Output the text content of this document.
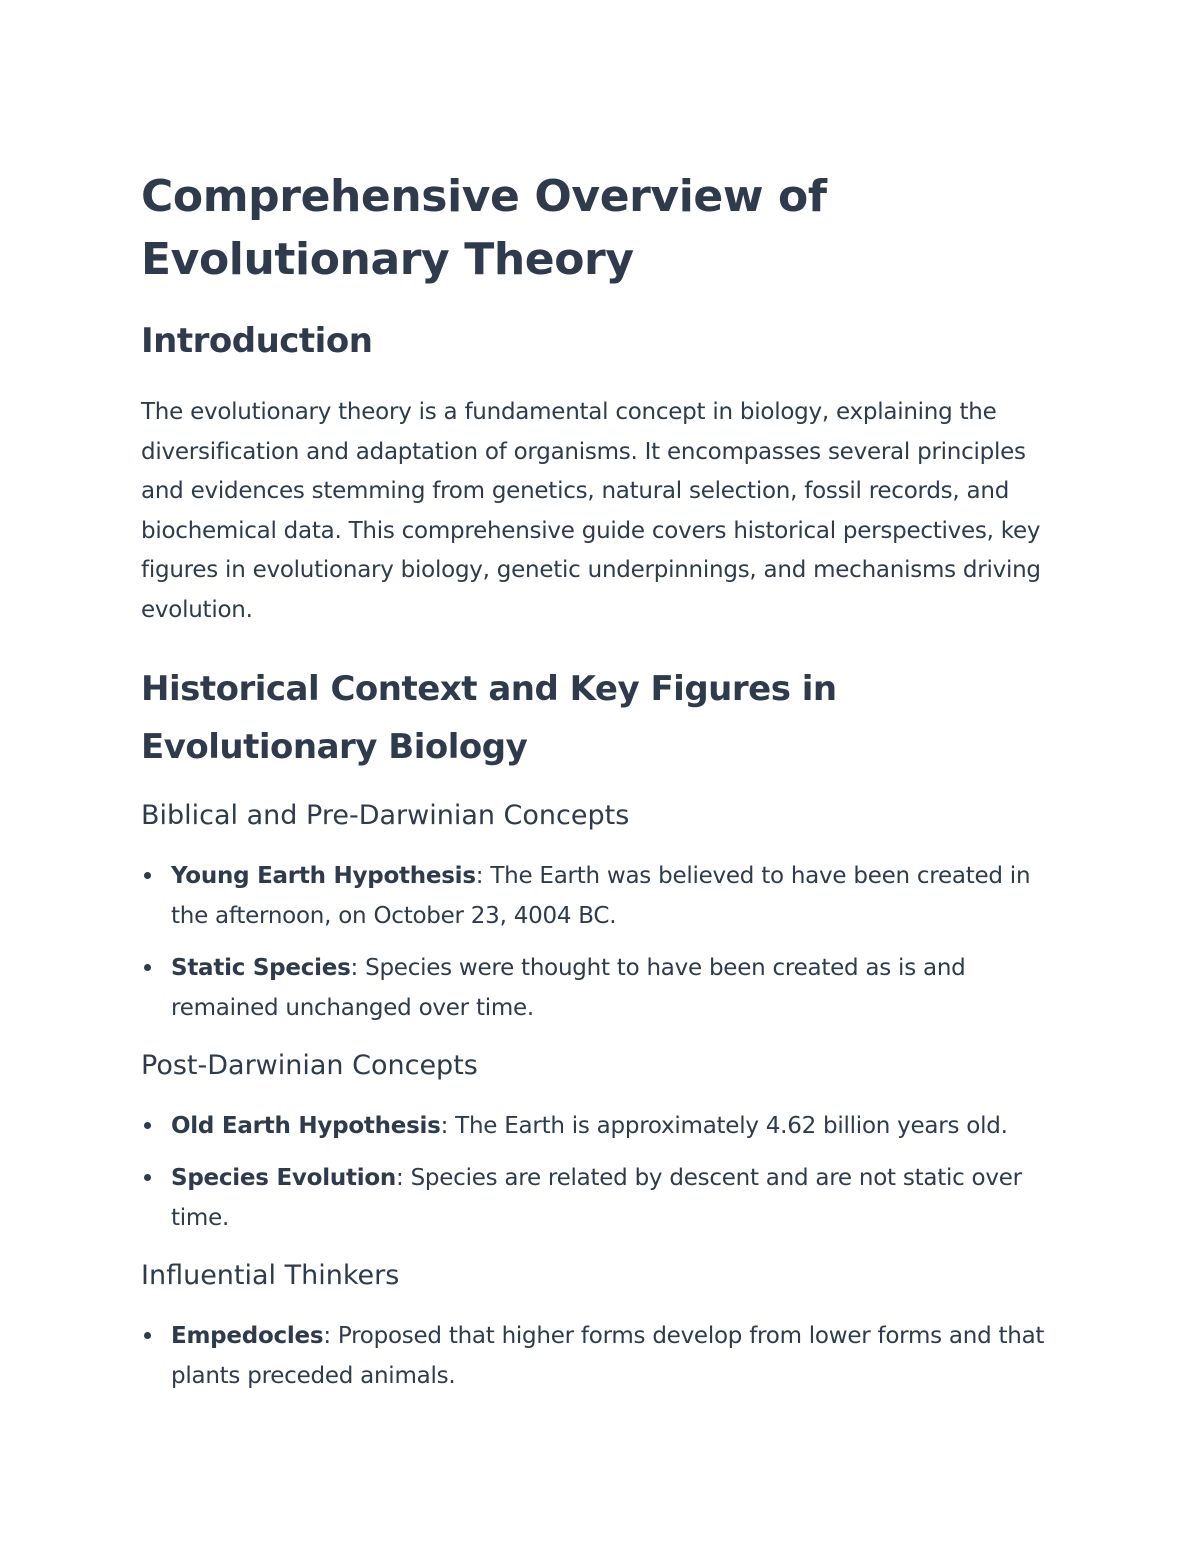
Comprehensive Overview of Evolutionary Theory
Introduction

The evolutionary theory is a fundamental concept in biology, explaining the diversification and adaptation of organisms. It encompasses several principles and evidences stemming from genetics, natural selection, fossil records, and biochemical data. This comprehensive guide covers historical perspectives, key figures in evolutionary biology, genetic underpinnings, and mechanisms driving evolution.

Historical Context and Key Figures in Evolutionary Biology
Biblical and Pre-Darwinian Concepts
Young Earth Hypothesis: The Earth was believed to have been created in the afternoon, on October 23, 4004 BC.
Static Species: Species were thought to have been created as is and remained unchanged over time.
Post-Darwinian Concepts
Old Earth Hypothesis: The Earth is approximately 4.62 billion years old.
Species Evolution: Species are related by descent and are not static over time.
Influential Thinkers
Empedocles: Proposed that higher forms develop from lower forms and that plants preceded animals.
